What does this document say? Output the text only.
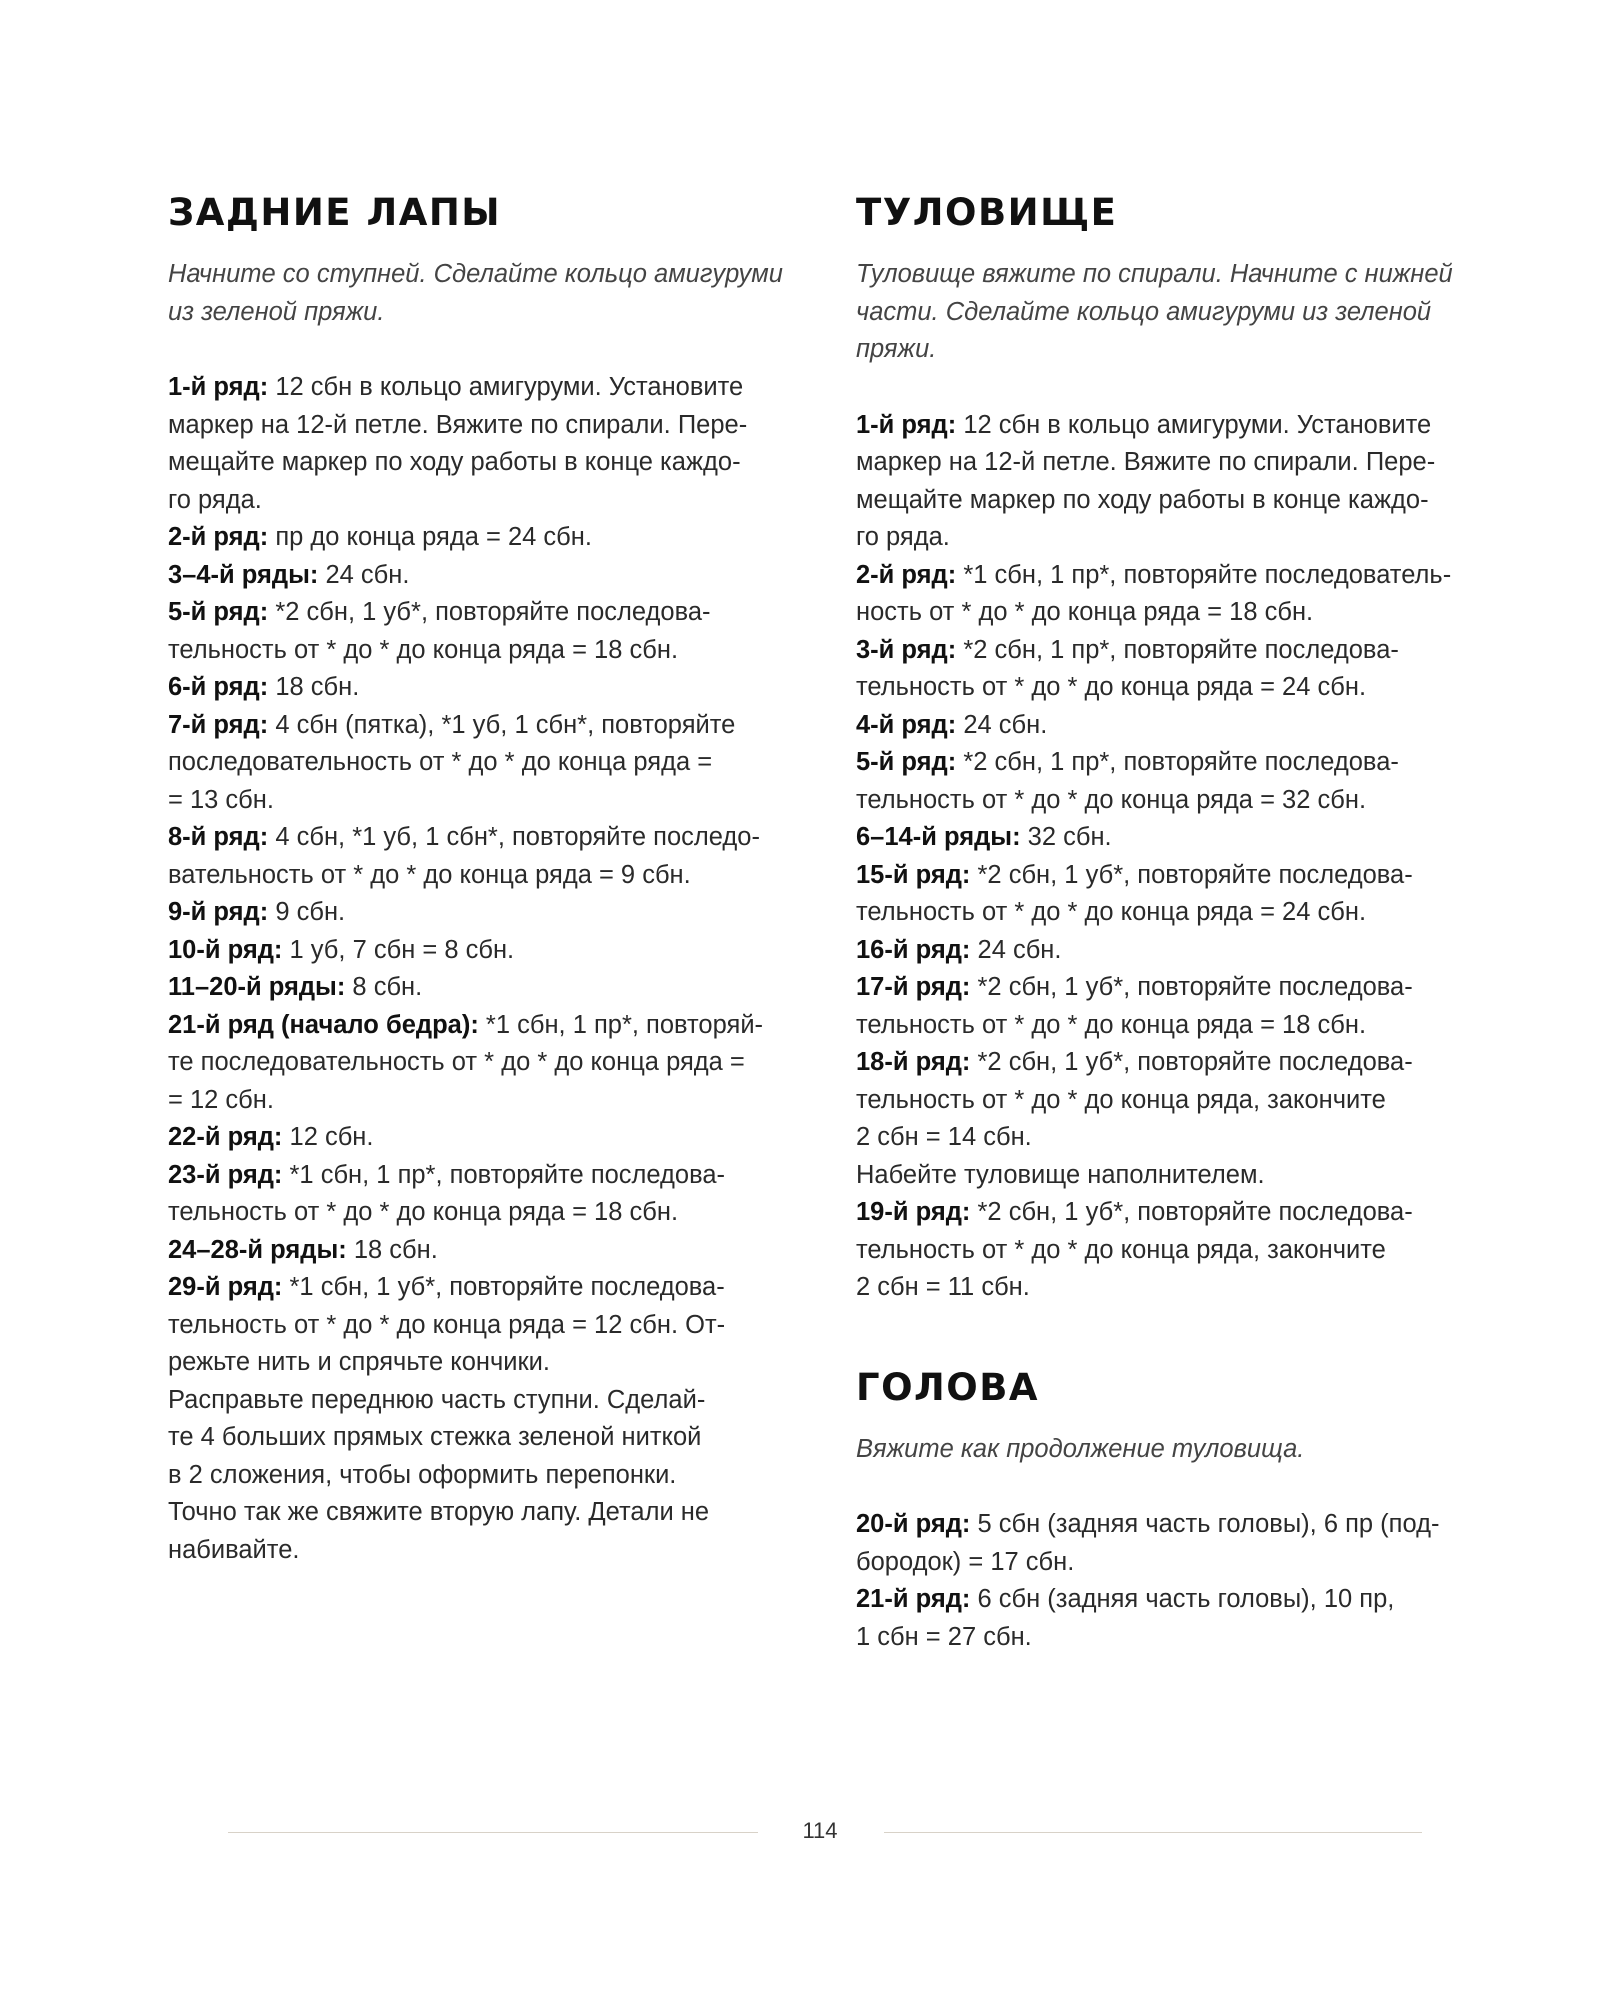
ЗАДНИЕ ЛАПЫ

Начните со ступней. Сделайте кольцо амигуруми из зеленой пряжи.

1-й ряд: 12 сбн в кольцо амигуруми. Установите

маркер на 12-й петле. Вяжите по спирали. Пере-

мещайте маркер по ходу работы в конце каждо-

го ряда.

2-й ряд: пр до конца ряда = 24 сбн.

3–4-й ряды: 24 сбн.

5-й ряд: *2 сбн, 1 уб*, повторяйте последова-

тельность от * до * до конца ряда = 18 сбн.

6-й ряд: 18 сбн.

7-й ряд: 4 сбн (пятка), *1 уб, 1 сбн*, повторяйте

последовательность от * до * до конца ряда =

= 13 сбн.

8-й ряд: 4 сбн, *1 уб, 1 сбн*, повторяйте последо-

вательность от * до * до конца ряда = 9 сбн.

9-й ряд: 9 сбн.

10-й ряд: 1 уб, 7 сбн = 8 сбн.

11–20-й ряды: 8 сбн.

21-й ряд (начало бедра): *1 сбн, 1 пр*, повторяй-

те последовательность от * до * до конца ряда =

= 12 сбн.

22-й ряд: 12 сбн.

23-й ряд: *1 сбн, 1 пр*, повторяйте последова-

тельность от * до * до конца ряда = 18 сбн.

24–28-й ряды: 18 сбн.

29-й ряд: *1 сбн, 1 уб*, повторяйте последова-

тельность от * до * до конца ряда = 12 сбн. От-

режьте нить и спрячьте кончики.

Расправьте переднюю часть ступни. Сделай-

те 4 больших прямых стежка зеленой ниткой

в 2 сложения, чтобы оформить перепонки.

Точно так же свяжите вторую лапу. Детали не

набивайте.

ТУЛОВИЩЕ

Туловище вяжите по спирали. Начните с нижней части. Сделайте кольцо амигуруми из зеленой пряжи.

1-й ряд: 12 сбн в кольцо амигуруми. Установите

маркер на 12-й петле. Вяжите по спирали. Пере-

мещайте маркер по ходу работы в конце каждо-

го ряда.

2-й ряд: *1 сбн, 1 пр*, повторяйте последователь-

ность от * до * до конца ряда = 18 сбн.

3-й ряд: *2 сбн, 1 пр*, повторяйте последова-

тельность от * до * до конца ряда = 24 сбн.

4-й ряд: 24 сбн.

5-й ряд: *2 сбн, 1 пр*, повторяйте последова-

тельность от * до * до конца ряда = 32 сбн.

6–14-й ряды: 32 сбн.

15-й ряд: *2 сбн, 1 уб*, повторяйте последова-

тельность от * до * до конца ряда = 24 сбн.

16-й ряд: 24 сбн.

17-й ряд: *2 сбн, 1 уб*, повторяйте последова-

тельность от * до * до конца ряда = 18 сбн.

18-й ряд: *2 сбн, 1 уб*, повторяйте последова-

тельность от * до * до конца ряда, закончите

2 сбн = 14 сбн.

Набейте туловище наполнителем.

19-й ряд: *2 сбн, 1 уб*, повторяйте последова-

тельность от * до * до конца ряда, закончите

2 сбн = 11 сбн.

ГОЛОВА

Вяжите как продолжение туловища.

20-й ряд: 5 сбн (задняя часть головы), 6 пр (под-

бородок) = 17 сбн.

21-й ряд: 6 сбн (задняя часть головы), 10 пр,

1 сбн = 27 сбн.

114
